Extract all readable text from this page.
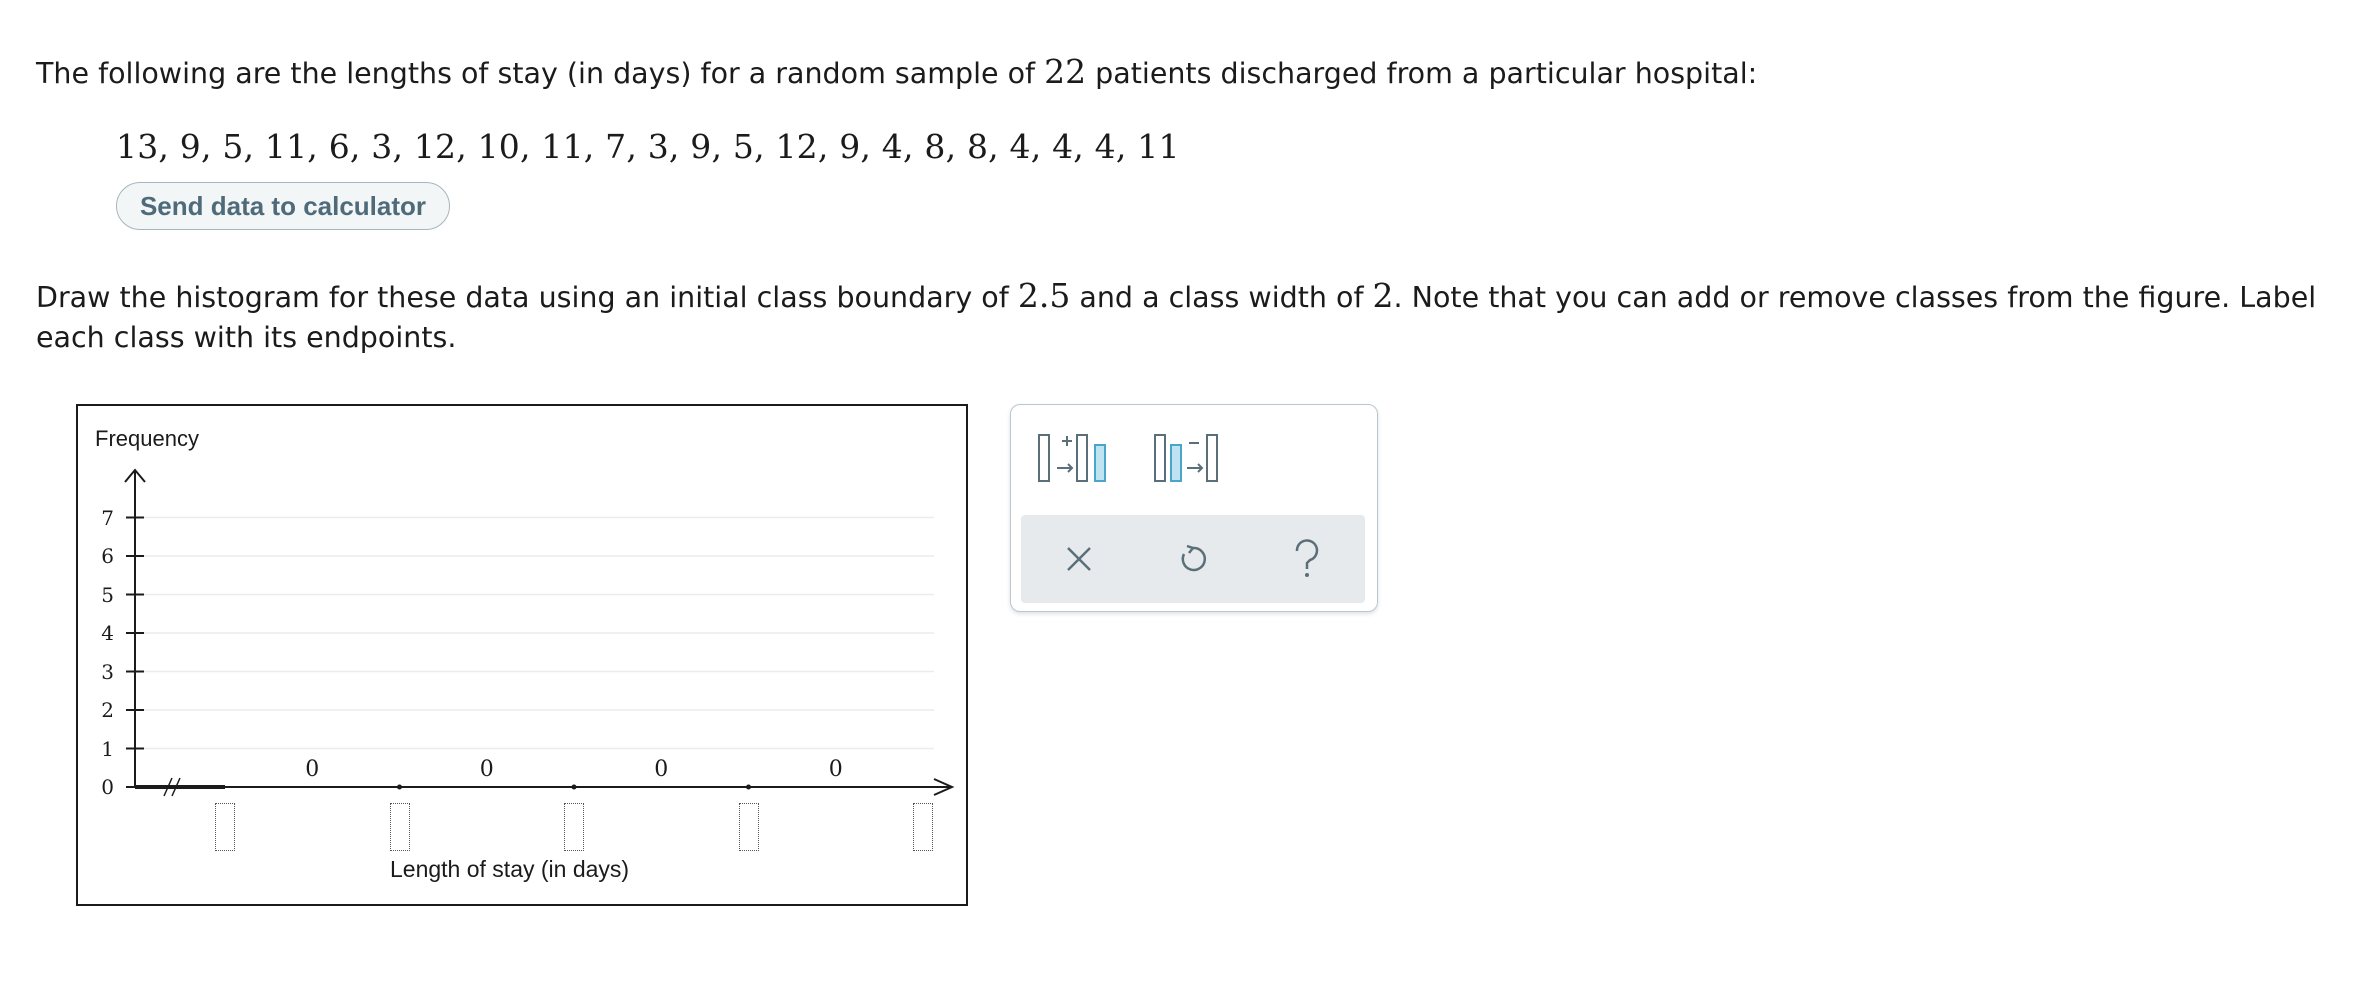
The following are the lengths of stay (in days) for a random sample of 22 patients discharged from a particular hospital:
13, 9, 5, 11, 6, 3, 12, 10, 11, 7, 3, 9, 5, 12, 9, 4, 8, 8, 4, 4, 4, 11
Send data to calculator
Draw the histogram for these data using an initial class boundary of 2.5 and a class width of 2. Note that you can add or remove classes from the figure. Label each class with its endpoints.
Frequency
Length of stay (in days)
7
6
5
4
3
2
1
0
0	0	0	0
